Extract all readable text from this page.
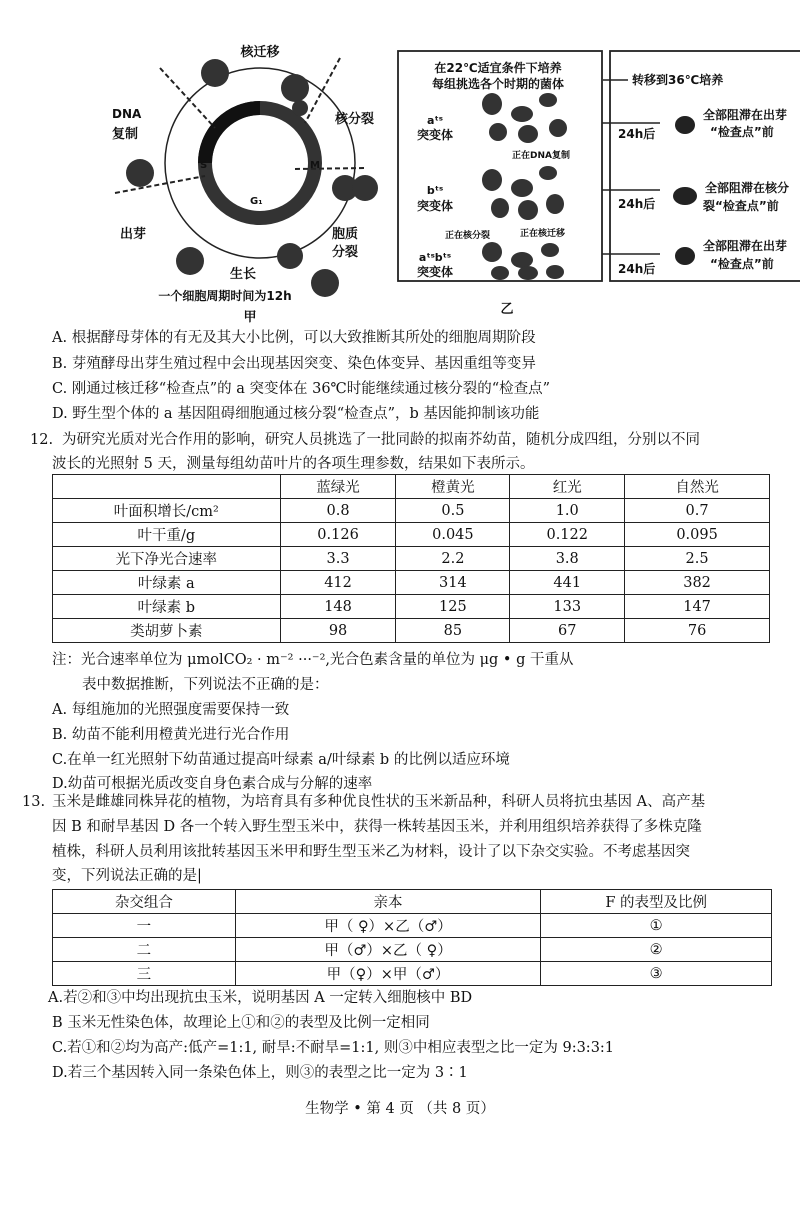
核迁移
DNA
复制
核分裂
胞质
分裂
出芽
生长
G₂
S	M
G₁
一个细胞周期时间为12h
甲
在22℃适宜条件下培养
每组挑选各个时期的菌体	转移到36℃培养
aᵗˢ
突变体
正在DNA复制
24h后
全部阻滞在出芽
“检查点”前
bᵗˢ
突变体
正在核分裂
24h后
全部阻滞在核分
裂“检查点”前
aᵗˢbᵗˢ
突变体
正在核迁移
24h后
全部阻滞在出芽
“检查点”前
乙
A. 根据酵母芽体的有无及其大小比例，可以大致推断其所处的细胞周期阶段
B. 芽殖酵母出芽生殖过程中会出现基因突变、染色体变异、基因重组等变异
C. 刚通过核迁移“检查点”的 a 突变体在 36℃时能继续通过核分裂的“检查点”
D. 野生型个体的 a 基因阻碍细胞通过核分裂“检查点”，b 基因能抑制该功能
12. 为研究光质对光合作用的影响，研究人员挑选了一批同龄的拟南芥幼苗，随机分成四组，分别以不同
波长的光照射 5 天，测量每组幼苗叶片的各项生理参数，结果如下表所示。
	蓝绿光	橙黄光	红光	自然光
叶面积增长/cm²	0.8	0.5	1.0	0.7
叶干重/g	0.126	0.045	0.122	0.095
光下净光合速率	3.3	2.2	3.8	2.5
叶绿素 a	412	314	441	382
叶绿素 b	148	125	133	147
类胡萝卜素	98	85	67	76
注：光合速率单位为 μmolCO₂ · m⁻² ···⁻²,光合色素含量的单位为 μg • g 干重从
表中数据推断，下列说法不正确的是：
A. 每组施加的光照强度需要保持一致
B. 幼苗不能利用橙黄光进行光合作用
C.在单一红光照射下幼苗通过提高叶绿素 a/叶绿素 b 的比例以适应环境
D.幼苗可根据光质改变自身色素合成与分解的速率
13. 玉米是雌雄同株异花的植物，为培育具有多种优良性状的玉米新品种，科研人员将抗虫基因 A、高产基
因 B 和耐旱基因 D 各一个转入野生型玉米中，获得一株转基因玉米，并利用组织培养获得了多株克隆
植株，科研人员利用该批转基因玉米甲和野生型玉米乙为材料，设计了以下杂交实验。不考虑基因突
变，下列说法正确的是|
杂交组合	亲本	F 的表型及比例
一	甲（ ♀）×乙（♂）	①
二	甲（♂）×乙（ ♀）	②
三	甲（♀）×甲（♂）	③
A.若②和③中均出现抗虫玉米，说明基因 A 一定转入细胞核中 BD
B 玉米无性染色体，故理论上①和②的表型及比例一定相同
C.若①和②均为高产:低产=1:1, 耐旱:不耐旱=1:1, 则③中相应表型之比一定为 9:3:3:1
D.若三个基因转入同一条染色体上，则③的表型之比一定为 3∶1
生物学 • 第 4 页 （共 8 页）
